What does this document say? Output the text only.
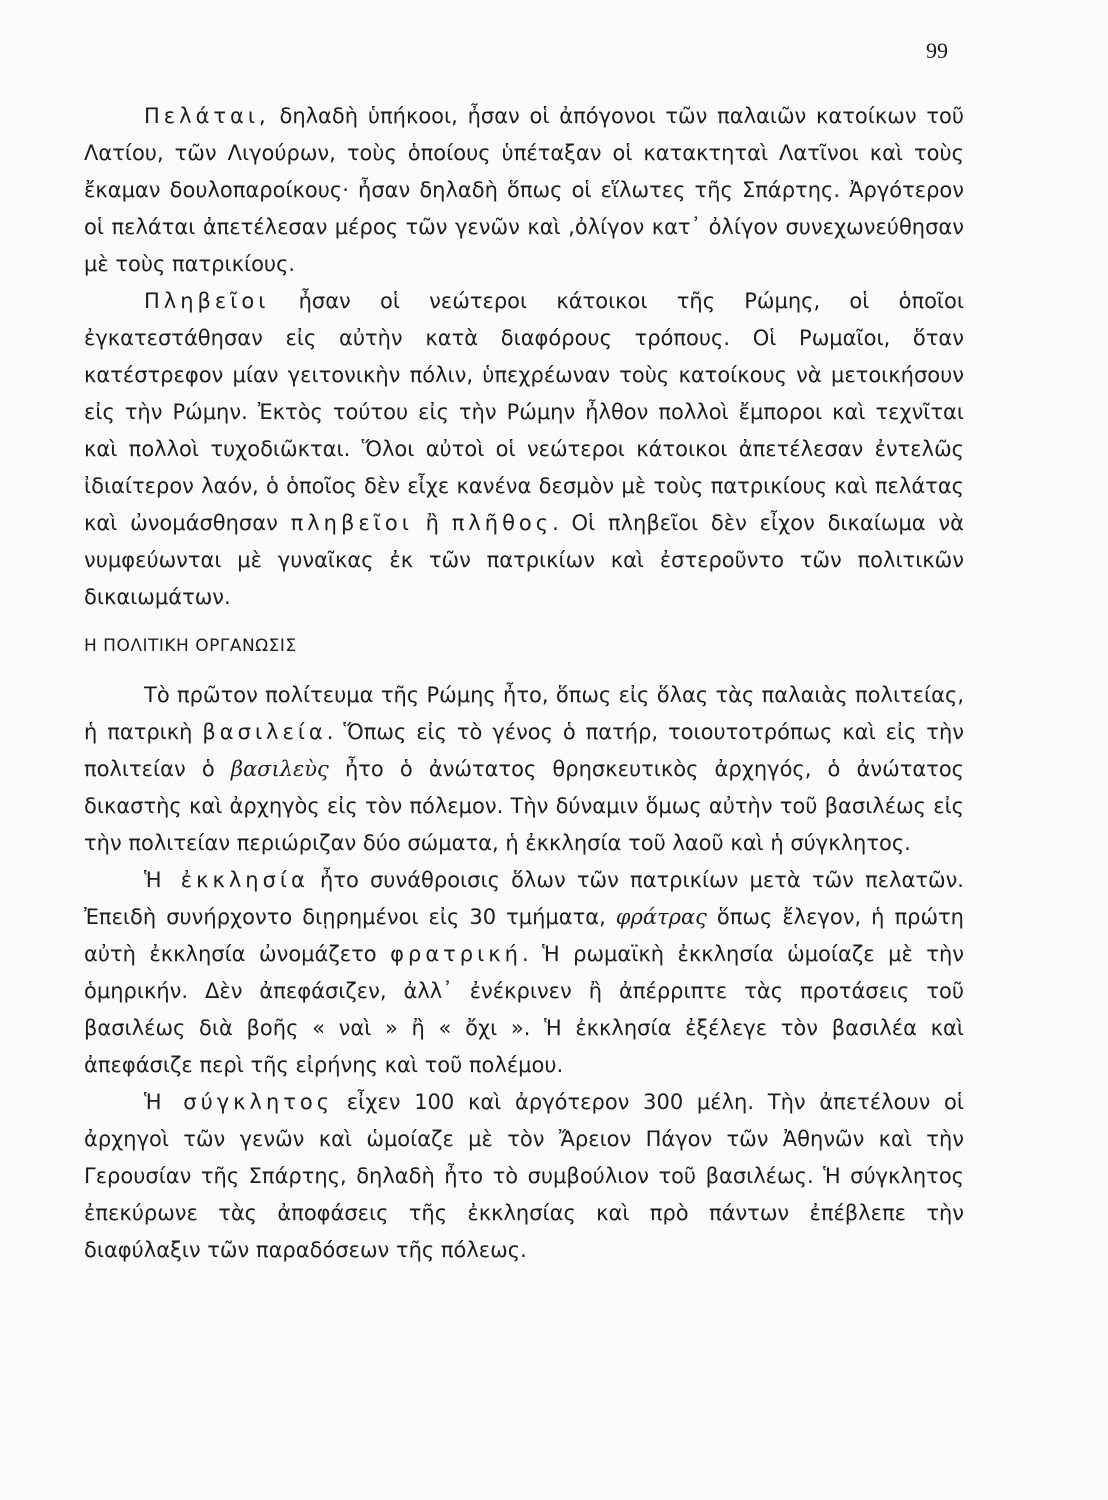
99

Πελάται, δηλαδὴ ὑπήκοοι, ἦσαν οἱ ἀπόγονοι τῶν παλαιῶν κατοίκων τοῦ Λατίου, τῶν Λιγούρων, τοὺς ὁποίους ὑπέταξαν οἱ κατακτηταὶ Λατῖνοι καὶ τοὺς ἔκαμαν δουλοπαροίκους· ἦσαν δηλαδὴ ὅπως οἱ εἵλωτες τῆς Σπάρτης. Ἀργότερον οἱ πελάται ἀπετέλεσαν μέρος τῶν γενῶν καὶ ,ὀλίγον κατ᾽ ὀλίγον συνεχωνεύθησαν μὲ τοὺς πατρικίους.

Πληβεῖοι ἦσαν οἱ νεώτεροι κάτοικοι τῆς Ρώμης, οἱ ὁποῖοι ἐγκατεστάθησαν εἰς αὐτὴν κατὰ διαφόρους τρόπους. Οἱ Ρωμαῖοι, ὅταν κατέστρεφον μίαν γειτονικὴν πόλιν, ὑπεχρέωναν τοὺς κατοίκους νὰ μετοικήσουν εἰς τὴν Ρώμην. Ἐκτὸς τούτου εἰς τὴν Ρώμην ἦλθον πολλοὶ ἔμποροι καὶ τεχνῖται καὶ πολλοὶ τυχοδιῶκται. Ὅλοι αὐτοὶ οἱ νεώτεροι κάτοικοι ἀπετέλεσαν ἐντελῶς ἰδιαίτερον λαόν, ὁ ὁποῖος δὲν εἶχε κανένα δεσμὸν μὲ τοὺς πατρικίους καὶ πελάτας καὶ ὠνομάσθησαν πληβεῖοι ἢ πλῆθος. Οἱ πληβεῖοι δὲν εἶχον δικαίωμα νὰ νυμφεύωνται μὲ γυναῖκας ἐκ τῶν πατρικίων καὶ ἐστεροῦντο τῶν πολιτικῶν δικαιωμάτων.

Η ΠΟΛΙΤΙΚΗ ΟΡΓΑΝΩΣΙΣ

Τὸ πρῶτον πολίτευμα τῆς Ρώμης ἦτο, ὅπως εἰς ὅλας τὰς παλαιὰς πολιτείας, ἡ πατρικὴ βασιλεία. Ὅπως εἰς τὸ γένος ὁ πατήρ, τοιουτοτρόπως καὶ εἰς τὴν πολιτείαν ὁ βασιλεὺς ἦτο ὁ ἀνώτατος θρησκευτικὸς ἀρχηγός, ὁ ἀνώτατος δικαστὴς καὶ ἀρχηγὸς εἰς τὸν πόλεμον. Τὴν δύναμιν ὅμως αὐτὴν τοῦ βασιλέως εἰς τὴν πολιτείαν περιώριζαν δύο σώματα, ἡ ἐκκλησία τοῦ λαοῦ καὶ ἡ σύγκλητος.

Ἡ ἐκκλησία ἦτο συνάθροισις ὅλων τῶν πατρικίων μετὰ τῶν πελατῶν. Ἐπειδὴ συνήρχοντο διῃρημένοι εἰς 30 τμήματα, φράτρας ὅπως ἔλεγον, ἡ πρώτη αὐτὴ ἐκκλησία ὠνομάζετο φρατρική. Ἡ ρωμαϊκὴ ἐκκλησία ὡμοίαζε μὲ τὴν ὁμηρικήν. Δὲν ἀπεφάσιζεν, ἀλλ᾽ ἐνέκρινεν ἢ ἀπέρριπτε τὰς προτάσεις τοῦ βασιλέως διὰ βοῆς « ναὶ » ἢ « ὄχι ». Ἡ ἐκκλησία ἐξέλεγε τὸν βασιλέα καὶ ἀπεφάσιζε περὶ τῆς εἰρήνης καὶ τοῦ πολέμου.

Ἡ σύγκλητος εἶχεν 100 καὶ ἀργότερον 300 μέλη. Τὴν ἀπετέλουν οἱ ἀρχηγοὶ τῶν γενῶν καὶ ὡμοίαζε μὲ τὸν Ἄρειον Πάγον τῶν Ἀθηνῶν καὶ τὴν Γερουσίαν τῆς Σπάρτης, δηλαδὴ ἦτο τὸ συμβούλιον τοῦ βασιλέως. Ἡ σύγκλητος ἐπεκύρωνε τὰς ἀποφάσεις τῆς ἐκκλησίας καὶ πρὸ πάντων ἐπέβλεπε τὴν διαφύλαξιν τῶν παραδόσεων τῆς πόλεως.
